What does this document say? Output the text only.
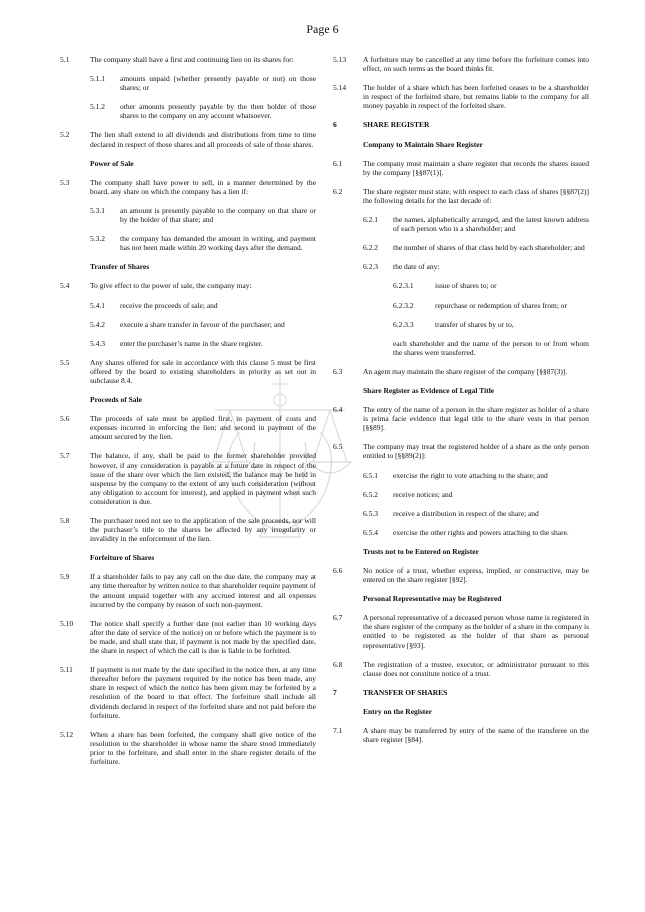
Page 6
5.1	The company shall have a first and continuing lien on its shares for:
5.1.1 amounts unpaid (whether presently payable or not) on those shares; or
5.1.2 other amounts presently payable by the then holder of those shares to the company on any account whatsoever.
5.2	The lien shall extend to all dividends and distributions from time to time declared in respect of those shares and all proceeds of sale of those shares.
Power of Sale
5.3	The company shall have power to sell, in a manner determined by the board, any share on which the company has a lien if:
5.3.1 an amount is presently payable to the company on that share or by the holder of that share; and
5.3.2 the company has demanded the amount in writing, and payment has not been made within 20 working days after the demand.
Transfer of Shares
5.4	To give effect to the power of sale, the company may:
5.4.1 receive the proceeds of sale; and
5.4.2 execute a share transfer in favour of the purchaser; and
5.4.3 enter the purchaser’s name in the share register.
5.5	Any shares offered for sale in accordance with this clause 5 must be first offered by the board to existing shareholders in priority as set out in subclause 8.4.
Proceeds of Sale
5.6	The proceeds of sale must be applied first, in payment of costs and expenses incurred in enforcing the lien; and second in payment of the amount secured by the lien.
5.7	The balance, if any, shall be paid to the former shareholder provided however, if any consideration is payable at a future date in respect of the issue of the share over which the lien existed, the balance may be held in suspense by the company to the extent of any such consideration (without any obligation to account for interest), and applied in payment when such consideration is due.
5.8	The purchaser need not see to the application of the sale proceeds, nor will the purchaser’s title to the shares be affected by any irregularity or invalidity in the enforcement of the lien.
Forfeiture of Shares
5.9	If a shareholder fails to pay any call on the due date, the company may at any time thereafter by written notice to that shareholder require payment of the amount unpaid together with any accrued interest and all expenses incurred by the company by reason of such non-payment.
5.10 The notice shall specify a further date (not earlier than 10 working days after the date of service of the notice) on or before which the payment is to be made, and shall state that, if payment is not made by the specified date, the share in respect of which the call is due is liable to be forfeited.
5.11 If payment is not made by the date specified in the notice then, at any time thereafter before the payment required by the notice has been made, any share in respect of which the notice has been given may be forfeited by a resolution of the board to that effect. The forfeiture shall include all dividends declared in respect of the forfeited share and not paid before the forfeiture.
5.12 When a share has been forfeited, the company shall give notice of the resolution to the shareholder in whose name the share stood immediately prior to the forfeiture, and shall enter in the share register details of the forfeiture.
5.13 A forfeiture may be cancelled at any time before the forfeiture comes into effect, on such terms as the board thinks fit.
5.14 The holder of a share which has been forfeited ceases to be a shareholder in respect of the forfeited share, but remains liable to the company for all money payable in respect of the forfeited share.
6	SHARE REGISTER
Company to Maintain Share Register
6.1	The company must maintain a share register that records the shares issued by the company [§§87(1)].
6.2	The share register must state, with respect to each class of shares [§§87(2)] the following details for the last decade of:
6.2.1 the names, alphabetically arranged, and the latest known address of each person who is a shareholder; and
6.2.2 the number of shares of that class held by each shareholder; and
6.2.3 the date of any:
6.2.3.1	issue of shares to; or
6.2.3.2	repurchase or redemption of shares from; or
6.2.3.3	transfer of shares by or to,
each shareholder and the name of the person to or from whom the shares were transferred.
6.3	An agent may maintain the share register of the company [§§87(3)].
Share Register as Evidence of Legal Title
6.4	The entry of the name of a person in the share register as holder of a share is prima facie evidence that legal title to the share vests in that person [§§89].
6.5	The company may treat the registered holder of a share as the only person entitled to [§§89(2)]:
6.5.1 exercise the right to vote attaching to the share; and
6.5.2 receive notices; and
6.5.3 receive a distribution in respect of the share; and
6.5.4 exercise the other rights and powers attaching to the share.
Trusts not to be Entered on Register
6.6	No notice of a trust, whether express, implied, or constructive, may be entered on the share register [§92].
Personal Representative may be Registered
6.7	A personal representative of a deceased person whose name is registered in the share register of the company as the holder of a share in the company is entitled to be registered as the holder of that share as personal representative [§93].
6.8	The registration of a trustee, executor, or administrator pursuant to this clause does not constitute notice of a trust.
7	TRANSFER OF SHARES
Entry on the Register
7.1	A share may be transferred by entry of the name of the transferee on the share register [§84].
